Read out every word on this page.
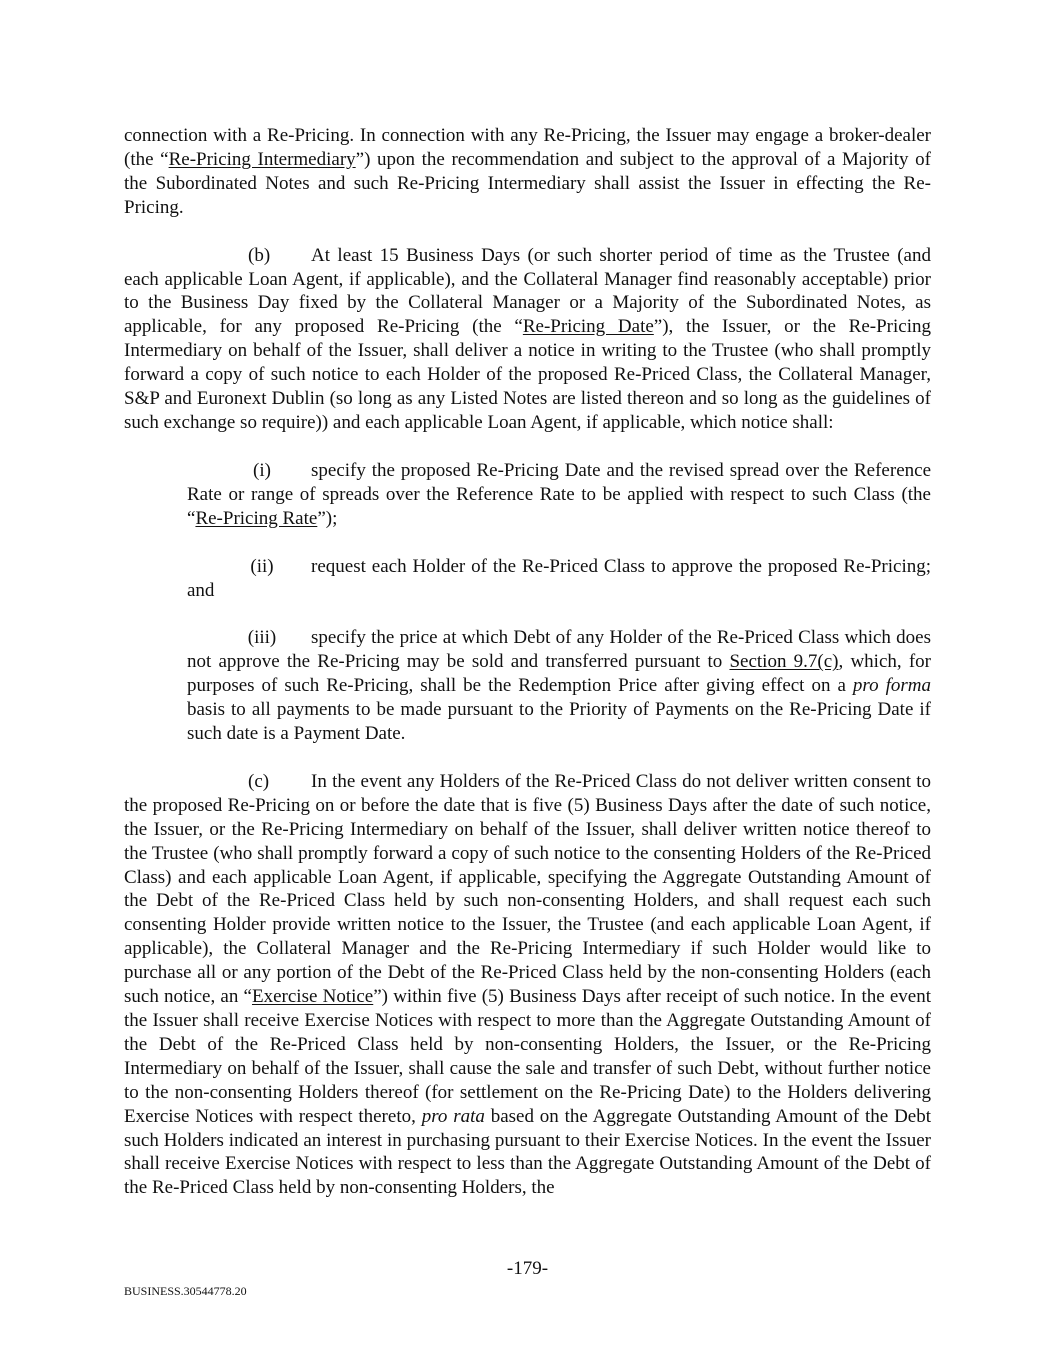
connection with a Re-Pricing. In connection with any Re-Pricing, the Issuer may engage a broker-dealer (the “Re-Pricing Intermediary”) upon the recommendation and subject to the approval of a Majority of the Subordinated Notes and such Re-Pricing Intermediary shall assist the Issuer in effecting the Re-Pricing.

(b) At least 15 Business Days (or such shorter period of time as the Trustee (and each applicable Loan Agent, if applicable), and the Collateral Manager find reasonably acceptable) prior to the Business Day fixed by the Collateral Manager or a Majority of the Subordinated Notes, as applicable, for any proposed Re-Pricing (the “Re-Pricing Date”), the Issuer, or the Re-Pricing Intermediary on behalf of the Issuer, shall deliver a notice in writing to the Trustee (who shall promptly forward a copy of such notice to each Holder of the proposed Re-Priced Class, the Collateral Manager, S&P and Euronext Dublin (so long as any Listed Notes are listed thereon and so long as the guidelines of such exchange so require)) and each applicable Loan Agent, if applicable, which notice shall:

(i) specify the proposed Re-Pricing Date and the revised spread over the Reference Rate or range of spreads over the Reference Rate to be applied with respect to such Class (the “Re-Pricing Rate”);

(ii) request each Holder of the Re-Priced Class to approve the proposed Re-Pricing; and

(iii) specify the price at which Debt of any Holder of the Re-Priced Class which does not approve the Re-Pricing may be sold and transferred pursuant to Section 9.7(c), which, for purposes of such Re-Pricing, shall be the Redemption Price after giving effect on a pro forma basis to all payments to be made pursuant to the Priority of Payments on the Re-Pricing Date if such date is a Payment Date.

(c) In the event any Holders of the Re-Priced Class do not deliver written consent to the proposed Re-Pricing on or before the date that is five (5) Business Days after the date of such notice, the Issuer, or the Re-Pricing Intermediary on behalf of the Issuer, shall deliver written notice thereof to the Trustee (who shall promptly forward a copy of such notice to the consenting Holders of the Re-Priced Class) and each applicable Loan Agent, if applicable, specifying the Aggregate Outstanding Amount of the Debt of the Re-Priced Class held by such non-consenting Holders, and shall request each such consenting Holder provide written notice to the Issuer, the Trustee (and each applicable Loan Agent, if applicable), the Collateral Manager and the Re-Pricing Intermediary if such Holder would like to purchase all or any portion of the Debt of the Re-Priced Class held by the non-consenting Holders (each such notice, an “Exercise Notice”) within five (5) Business Days after receipt of such notice. In the event the Issuer shall receive Exercise Notices with respect to more than the Aggregate Outstanding Amount of the Debt of the Re-Priced Class held by non-consenting Holders, the Issuer, or the Re-Pricing Intermediary on behalf of the Issuer, shall cause the sale and transfer of such Debt, without further notice to the non-consenting Holders thereof (for settlement on the Re-Pricing Date) to the Holders delivering Exercise Notices with respect thereto, pro rata based on the Aggregate Outstanding Amount of the Debt such Holders indicated an interest in purchasing pursuant to their Exercise Notices. In the event the Issuer shall receive Exercise Notices with respect to less than the Aggregate Outstanding Amount of the Debt of the Re-Priced Class held by non-consenting Holders, the

-179-
BUSINESS.30544778.20
